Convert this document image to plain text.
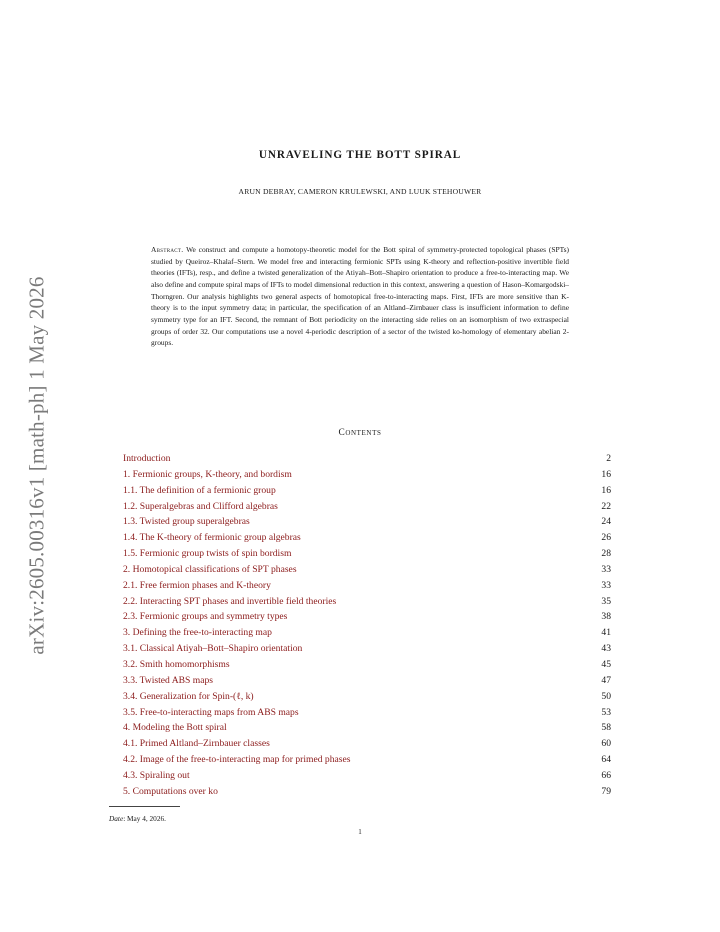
arXiv:2605.00316v1 [math-ph] 1 May 2026
UNRAVELING THE BOTT SPIRAL
ARUN DEBRAY, CAMERON KRULEWSKI, AND LUUK STEHOUWER
Abstract. We construct and compute a homotopy-theoretic model for the Bott spiral of symmetry-protected topological phases (SPTs) studied by Queiroz–Khalaf–Stern. We model free and interacting fermionic SPTs using K-theory and reflection-positive invertible field theories (IFTs), resp., and define a twisted generalization of the Atiyah–Bott–Shapiro orientation to produce a free-to-interacting map. We also define and compute spiral maps of IFTs to model dimensional reduction in this context, answering a question of Hason–Komargodski–Thorngren. Our analysis highlights two general aspects of homotopical free-to-interacting maps. First, IFTs are more sensitive than K-theory is to the input symmetry data; in particular, the specification of an Altland–Zirnbauer class is insufficient information to define symmetry type for an IFT. Second, the remnant of Bott periodicity on the interacting side relies on an isomorphism of two extraspecial groups of order 32. Our computations use a novel 4-periodic description of a sector of the twisted ko-homology of elementary abelian 2-groups.
Contents
Introduction	2
1. Fermionic groups, K-theory, and bordism	16
1.1. The definition of a fermionic group	16
1.2. Superalgebras and Clifford algebras	22
1.3. Twisted group superalgebras	24
1.4. The K-theory of fermionic group algebras	26
1.5. Fermionic group twists of spin bordism	28
2. Homotopical classifications of SPT phases	33
2.1. Free fermion phases and K-theory	33
2.2. Interacting SPT phases and invertible field theories	35
2.3. Fermionic groups and symmetry types	38
3. Defining the free-to-interacting map	41
3.1. Classical Atiyah–Bott–Shapiro orientation	43
3.2. Smith homomorphisms	45
3.3. Twisted ABS maps	47
3.4. Generalization for Spin-(ℓ, k)	50
3.5. Free-to-interacting maps from ABS maps	53
4. Modeling the Bott spiral	58
4.1. Primed Altland–Zirnbauer classes	60
4.2. Image of the free-to-interacting map for primed phases	64
4.3. Spiraling out	66
5. Computations over ko	79
Date: May 4, 2026.
1
